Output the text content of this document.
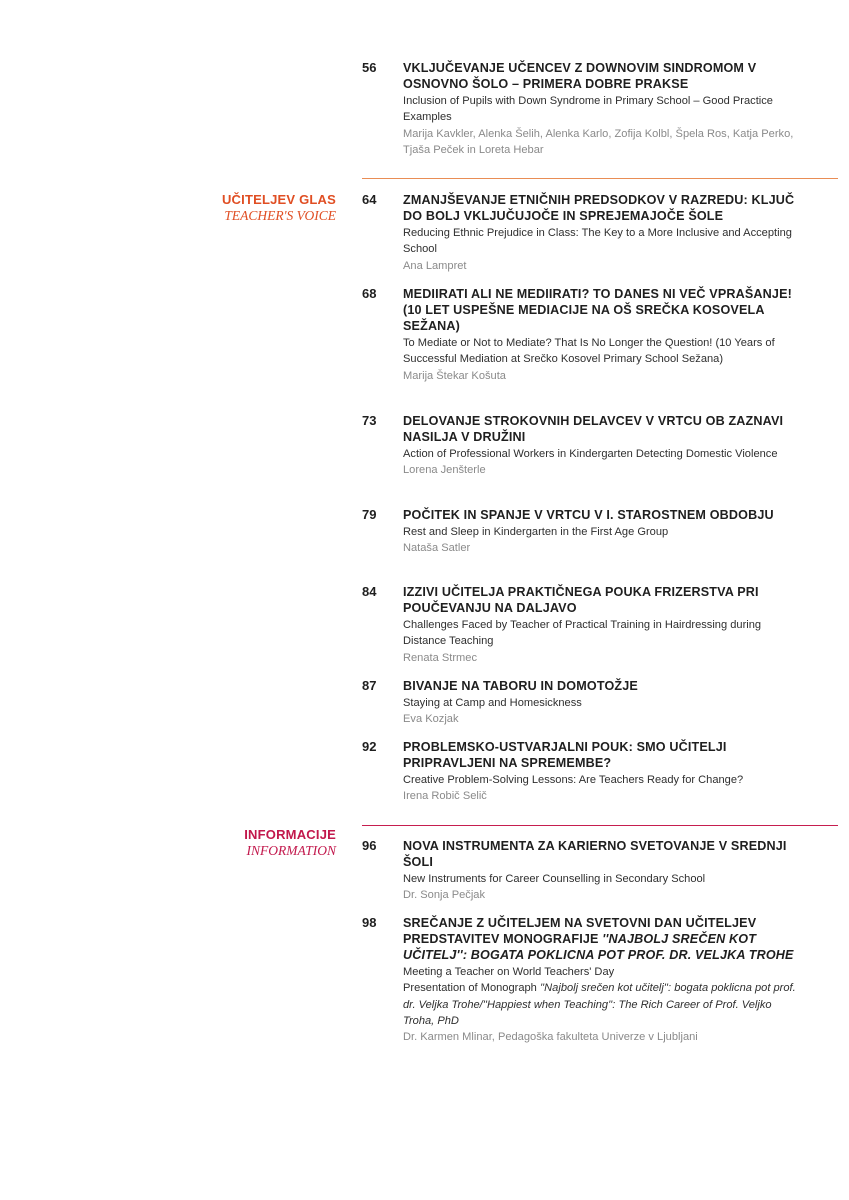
UČITELJEV GLAS
TEACHER'S VOICE
INFORMACIJE
INFORMATION
56	VKLJUČEVANJE UČENCEV Z DOWNOVIM SINDROMOM V OSNOVNO ŠOLO – PRIMERA DOBRE PRAKSE
Inclusion of Pupils with Down Syndrome in Primary School – Good Practice Examples
Marija Kavkler, Alenka Šelih, Alenka Karlo, Zofija Kolbl, Špela Ros, Katja Perko, Tjaša Peček in Loreta Hebar
64	ZMANJŠEVANJE ETNIČNIH PREDSODKOV V RAZREDU: KLJUČ DO BOLJ VKLJUČUJOČE IN SPREJEMAJOČE ŠOLE
Reducing Ethnic Prejudice in Class: The Key to a More Inclusive and Accepting School
Ana Lampret
68	MEDIIRATI ALI NE MEDIIRATI? TO DANES NI VEČ VPRAŠANJE! (10 LET USPEŠNE MEDIACIJE NA OŠ SREČKA KOSOVELA SEŽANA)
To Mediate or Not to Mediate? That Is No Longer the Question! (10 Years of Successful Mediation at Srečko Kosovel Primary School Sežana)
Marija Štekar Košuta
73	DELOVANJE STROKOVNIH DELAVCEV V VRTCU OB ZAZNAVI NASILJA V DRUŽINI
Action of Professional Workers in Kindergarten Detecting Domestic Violence
Lorena Jenšterle
79	POČITEK IN SPANJE V VRTCU V I. STAROSTNEM OBDOBJU
Rest and Sleep in Kindergarten in the First Age Group
Nataša Satler
84	IZZIVI UČITELJA PRAKTIČNEGA POUKA FRIZERSTVA PRI POUČEVANJU NA DALJAVO
Challenges Faced by Teacher of Practical Training in Hairdressing during Distance Teaching
Renata Strmec
87	BIVANJE NA TABORU IN DOMOTOŽJE
Staying at Camp and Homesickness
Eva Kozjak
92	PROBLEMSKO-USTVARJALNI POUK: SMO UČITELJI PRIPRAVLJENI NA SPREMEMBE?
Creative Problem-Solving Lessons: Are Teachers Ready for Change?
Irena Robič Selič
96	NOVA INSTRUMENTA ZA KARIERNO SVETOVANJE V SREDNJI ŠOLI
New Instruments for Career Counselling in Secondary School
Dr. Sonja Pečjak
98	SREČANJE Z UČITELJEM NA SVETOVNI DAN UČITELJEV PREDSTAVITEV MONOGRAFIJE ''NAJBOLJ SREČEN KOT UČITELJ'': BOGATA POKLICNA POT PROF. DR. VELJKA TROHE
Meeting a Teacher on World Teachers' Day
Presentation of Monograph ''Najbolj srečen kot učitelj'': bogata poklicna pot prof. dr. Veljka Trohe/''Happiest when Teaching'': The Rich Career of Prof. Veljko Troha, PhD
Dr. Karmen Mlinar, Pedagoška fakulteta Univerze v Ljubljani
